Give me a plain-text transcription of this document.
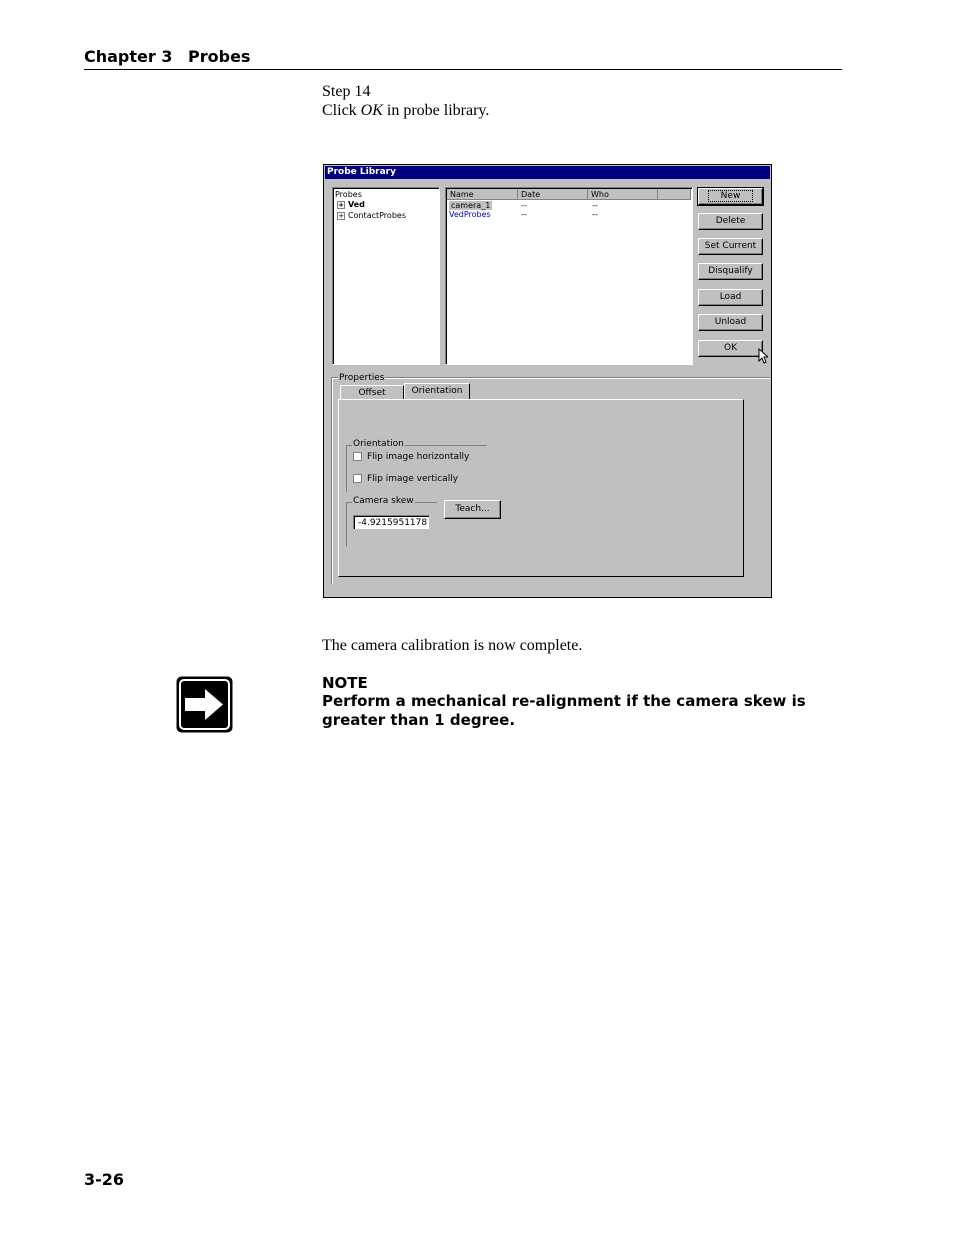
Chapter 3 Probes
Step 14
Click OK in probe library.
Probe Library
Probes
+ Ved
+ ContactProbes
Name	Date	Who
camera_1	--	--
VedProbes	--	--
New
Delete
Set Current
Disqualify
Load
Unload
OK
Properties
Offset	Orientation
Orientation
Flip image horizontally
Flip image vertically
Camera skew
-4.9215951178
Teach...
The camera calibration is now complete.
NOTE
Perform a mechanical re-alignment if the camera skew is greater than 1 degree.
3-26
